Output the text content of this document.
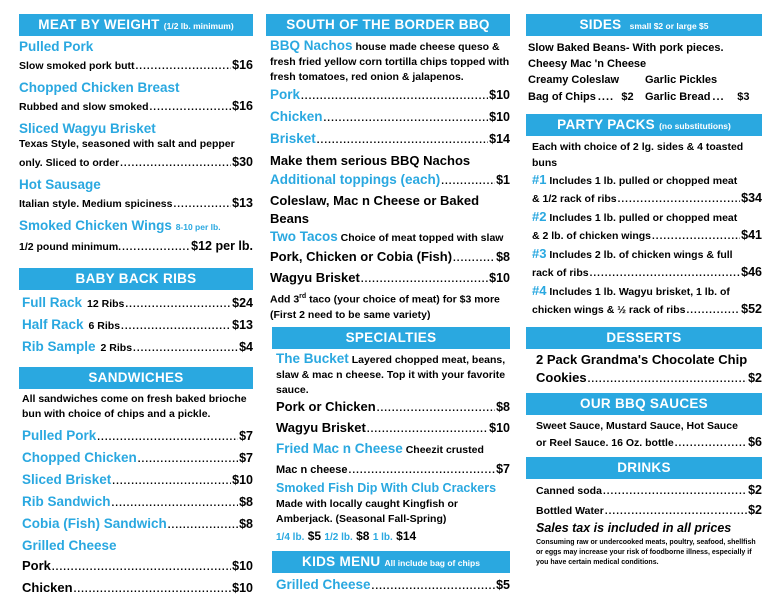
MEAT BY WEIGHT (1/2 lb. minimum)
Pulled Pork
Slow smoked pork butt .....	$16
Chopped Chicken Breast
Rubbed and slow smoked .....	$16
Sliced Wagyu Brisket
Texas Style, seasoned with salt and pepper
only. Sliced to order .....	$30
Hot Sausage
Italian style. Medium spiciness .....	$13
Smoked Chicken Wings 8-10 per lb.
1/2 pound minimum. .....	$12 per lb.
BABY BACK RIBS
Full Rack 12 Ribs .....	$24
Half Rack 6 Ribs .....	$13
Rib Sample 2 Ribs .....	$4
SANDWICHES
All sandwiches come on fresh baked brioche bun with choice of chips and a pickle.
Pulled Pork .....	$7
Chopped Chicken .....	$7
Sliced Brisket .....	$10
Rib Sandwich .....	$8
Cobia (Fish) Sandwich .....	$8
Grilled Cheese
Pork .....	$10
Chicken .....	$10
SOUTH OF THE BORDER BBQ
BBQ Nachos house made cheese queso & fresh fried yellow corn tortilla chips topped with fresh tomatoes, red onion & jalapenos.
Pork .....	$10
Chicken .....	$10
Brisket .....	$14
Make them serious BBQ Nachos
Additional toppings (each) .....	$1
Coleslaw, Mac n Cheese or Baked Beans
Two Tacos Choice of meat topped with slaw
Pork, Chicken or Cobia (Fish) .....	$8
Wagyu Brisket .....	$10
Add 3rd taco (your choice of meat) for $3 more (First 2 need to be same variety)
SPECIALTIES
The Bucket Layered chopped meat, beans, slaw & mac n cheese. Top it with your favorite sauce.
Pork or Chicken .....	$8
Wagyu Brisket .....	$10
Fried Mac n Cheese Cheezit crusted
Mac n cheese .....	$7
Smoked Fish Dip With Club Crackers
Made with locally caught Kingfish or Amberjack. (Seasonal Fall-Spring)
1/4 lb. $5 1/2 lb. $8 1 lb. $14
KIDS MENU All include bag of chips
Grilled Cheese .....	$5
SIDES small $2 or large $5
Slow Baked Beans- With pork pieces.
Cheesy Mac 'n Cheese
Creamy Coleslaw	Garlic Pickles
Bag of Chips .... $2	Garlic Bread ...	$3
PARTY PACKS (no substitutions)
Each with choice of 2 lg. sides & 4 toasted buns
#1 Includes 1 lb. pulled or chopped meat
& 1/2 rack of ribs .....	$34
#2 Includes 1 lb. pulled or chopped meat
& 2 lb. of chicken wings .....	$41
#3 Includes 2 lb. of chicken wings & full
rack of ribs .....	$46
#4 Includes 1 lb. Wagyu brisket, 1 lb. of
chicken wings & ½ rack of ribs .....	$52
DESSERTS
2 Pack Grandma's Chocolate Chip
Cookies .....	$2
OUR BBQ SAUCES
Sweet Sauce, Mustard Sauce, Hot Sauce
or Reel Sauce. 16 Oz. bottle .....	$6
DRINKS
Canned soda .....	$2
Bottled Water .....	$2
Sales tax is included in all prices
Consuming raw or undercooked meats, poultry, seafood, shellfish or eggs may increase your risk of foodborne illness, especially if you have certain medical conditions.
